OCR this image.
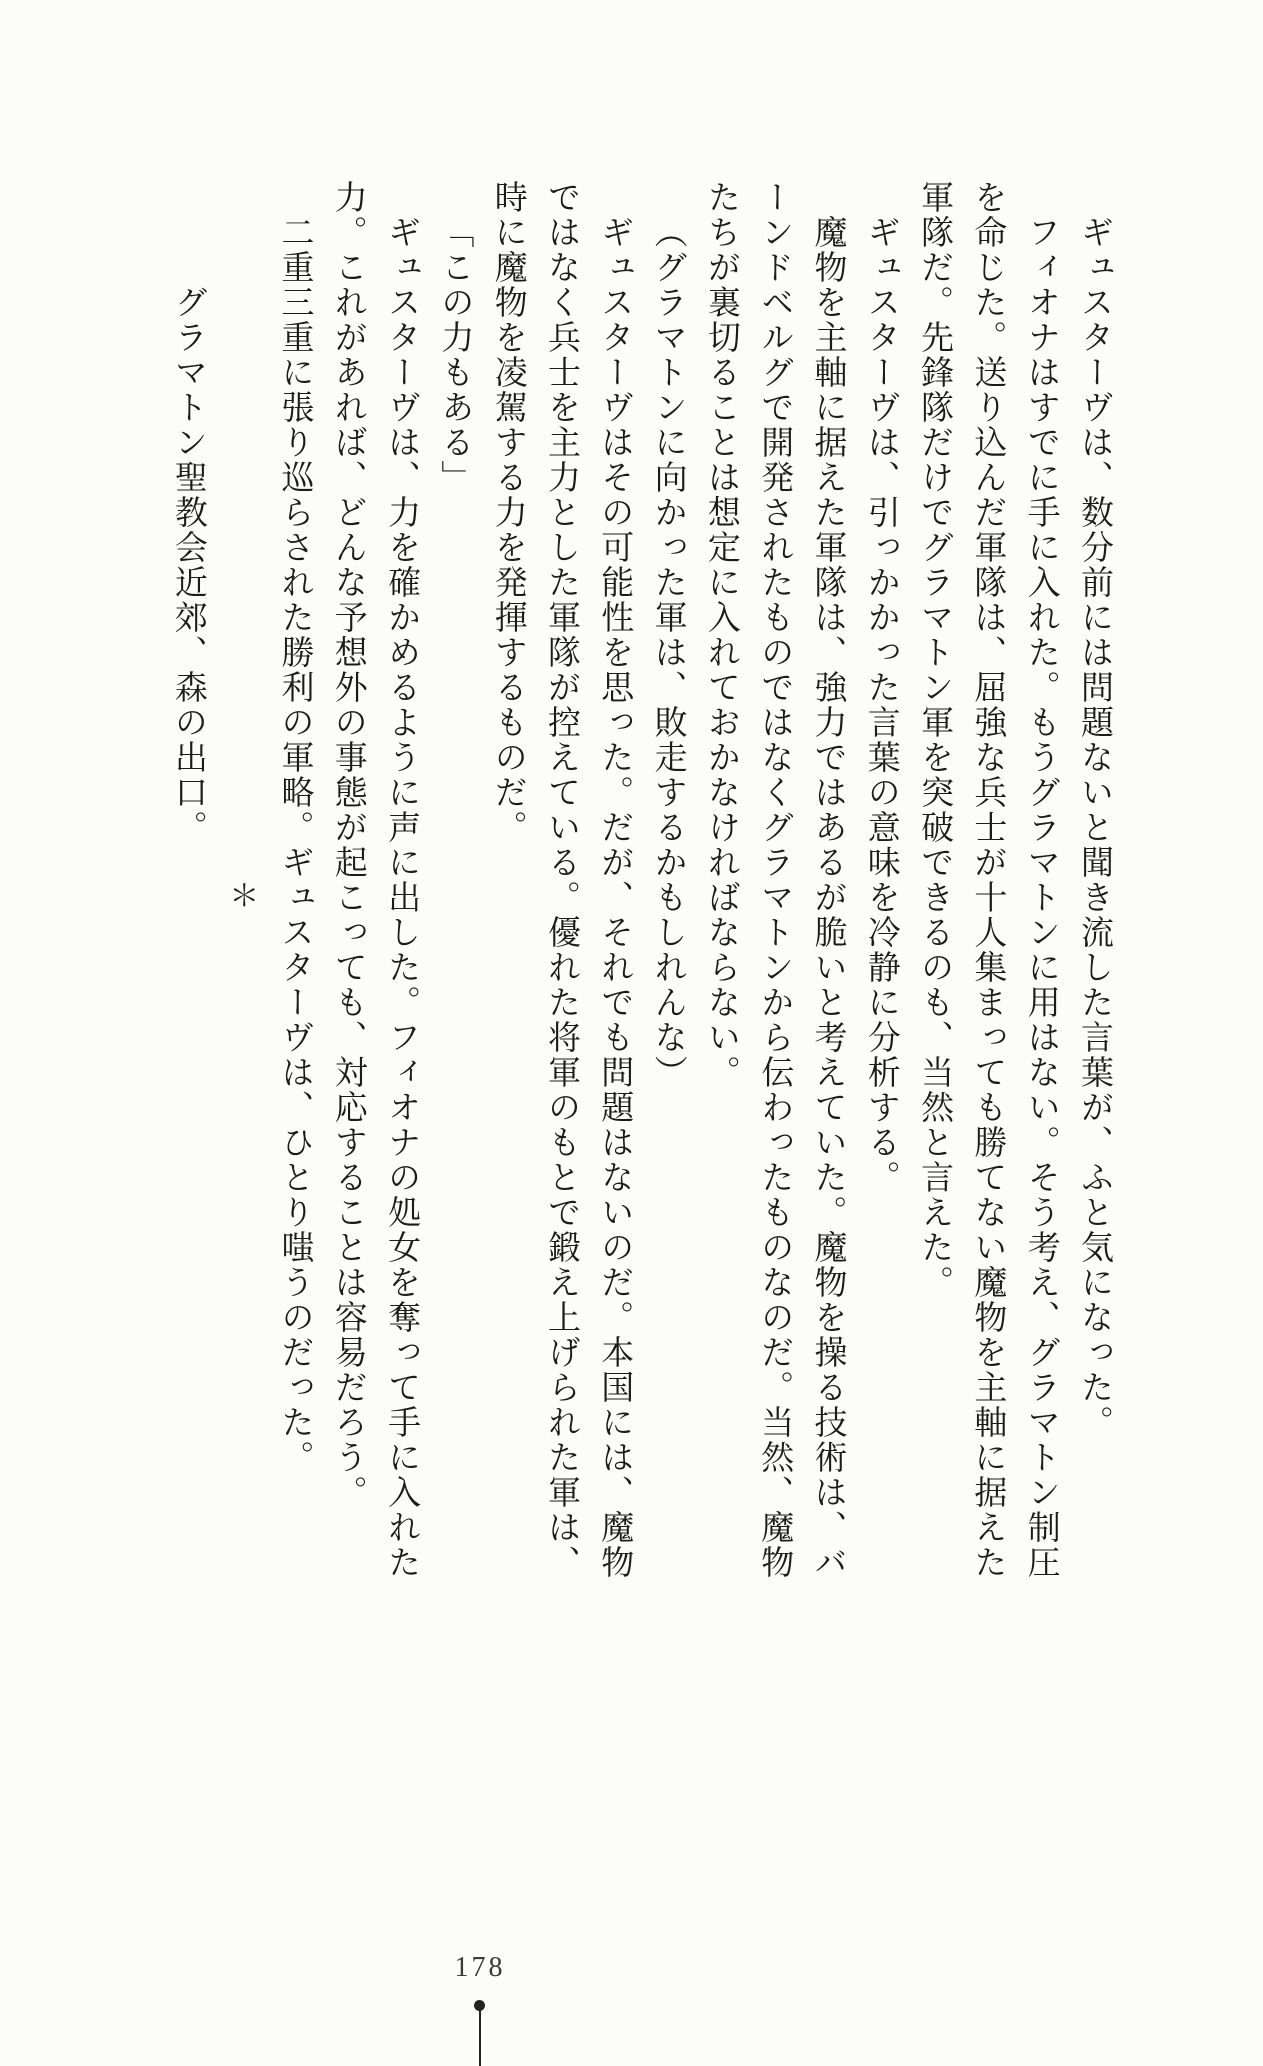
ギュスターヴは、数分前には問題ないと聞き流した言葉が、ふと気になった。
フィオナはすでに手に入れた。もうグラマトンに用はない。そう考え、グラマトン制圧
を命じた。送り込んだ軍隊は、屈強な兵士が十人集まっても勝てない魔物を主軸に据えた
軍隊だ。先鋒隊だけでグラマトン軍を突破できるのも、当然と言えた。
ギュスターヴは、引っかかった言葉の意味を冷静に分析する。
魔物を主軸に据えた軍隊は、強力ではあるが脆いと考えていた。魔物を操る技術は、バ
ーンドベルグで開発されたものではなくグラマトンから伝わったものなのだ。当然、魔物
たちが裏切ることは想定に入れておかなければならない。
（グラマトンに向かった軍は、敗走するかもしれんな）
ギュスターヴはその可能性を思った。だが、それでも問題はないのだ。本国には、魔物
ではなく兵士を主力とした軍隊が控えている。優れた将軍のもとで鍛え上げられた軍は、
時に魔物を凌駕する力を発揮するものだ。
「この力もある」
ギュスターヴは、力を確かめるように声に出した。フィオナの処女を奪って手に入れた
力。これがあれば、どんな予想外の事態が起こっても、対応することは容易だろう。
二重三重に張り巡らされた勝利の軍略。ギュスターヴは、ひとり嗤うのだった。
＊
グラマトン聖教会近郊、森の出口。
178
